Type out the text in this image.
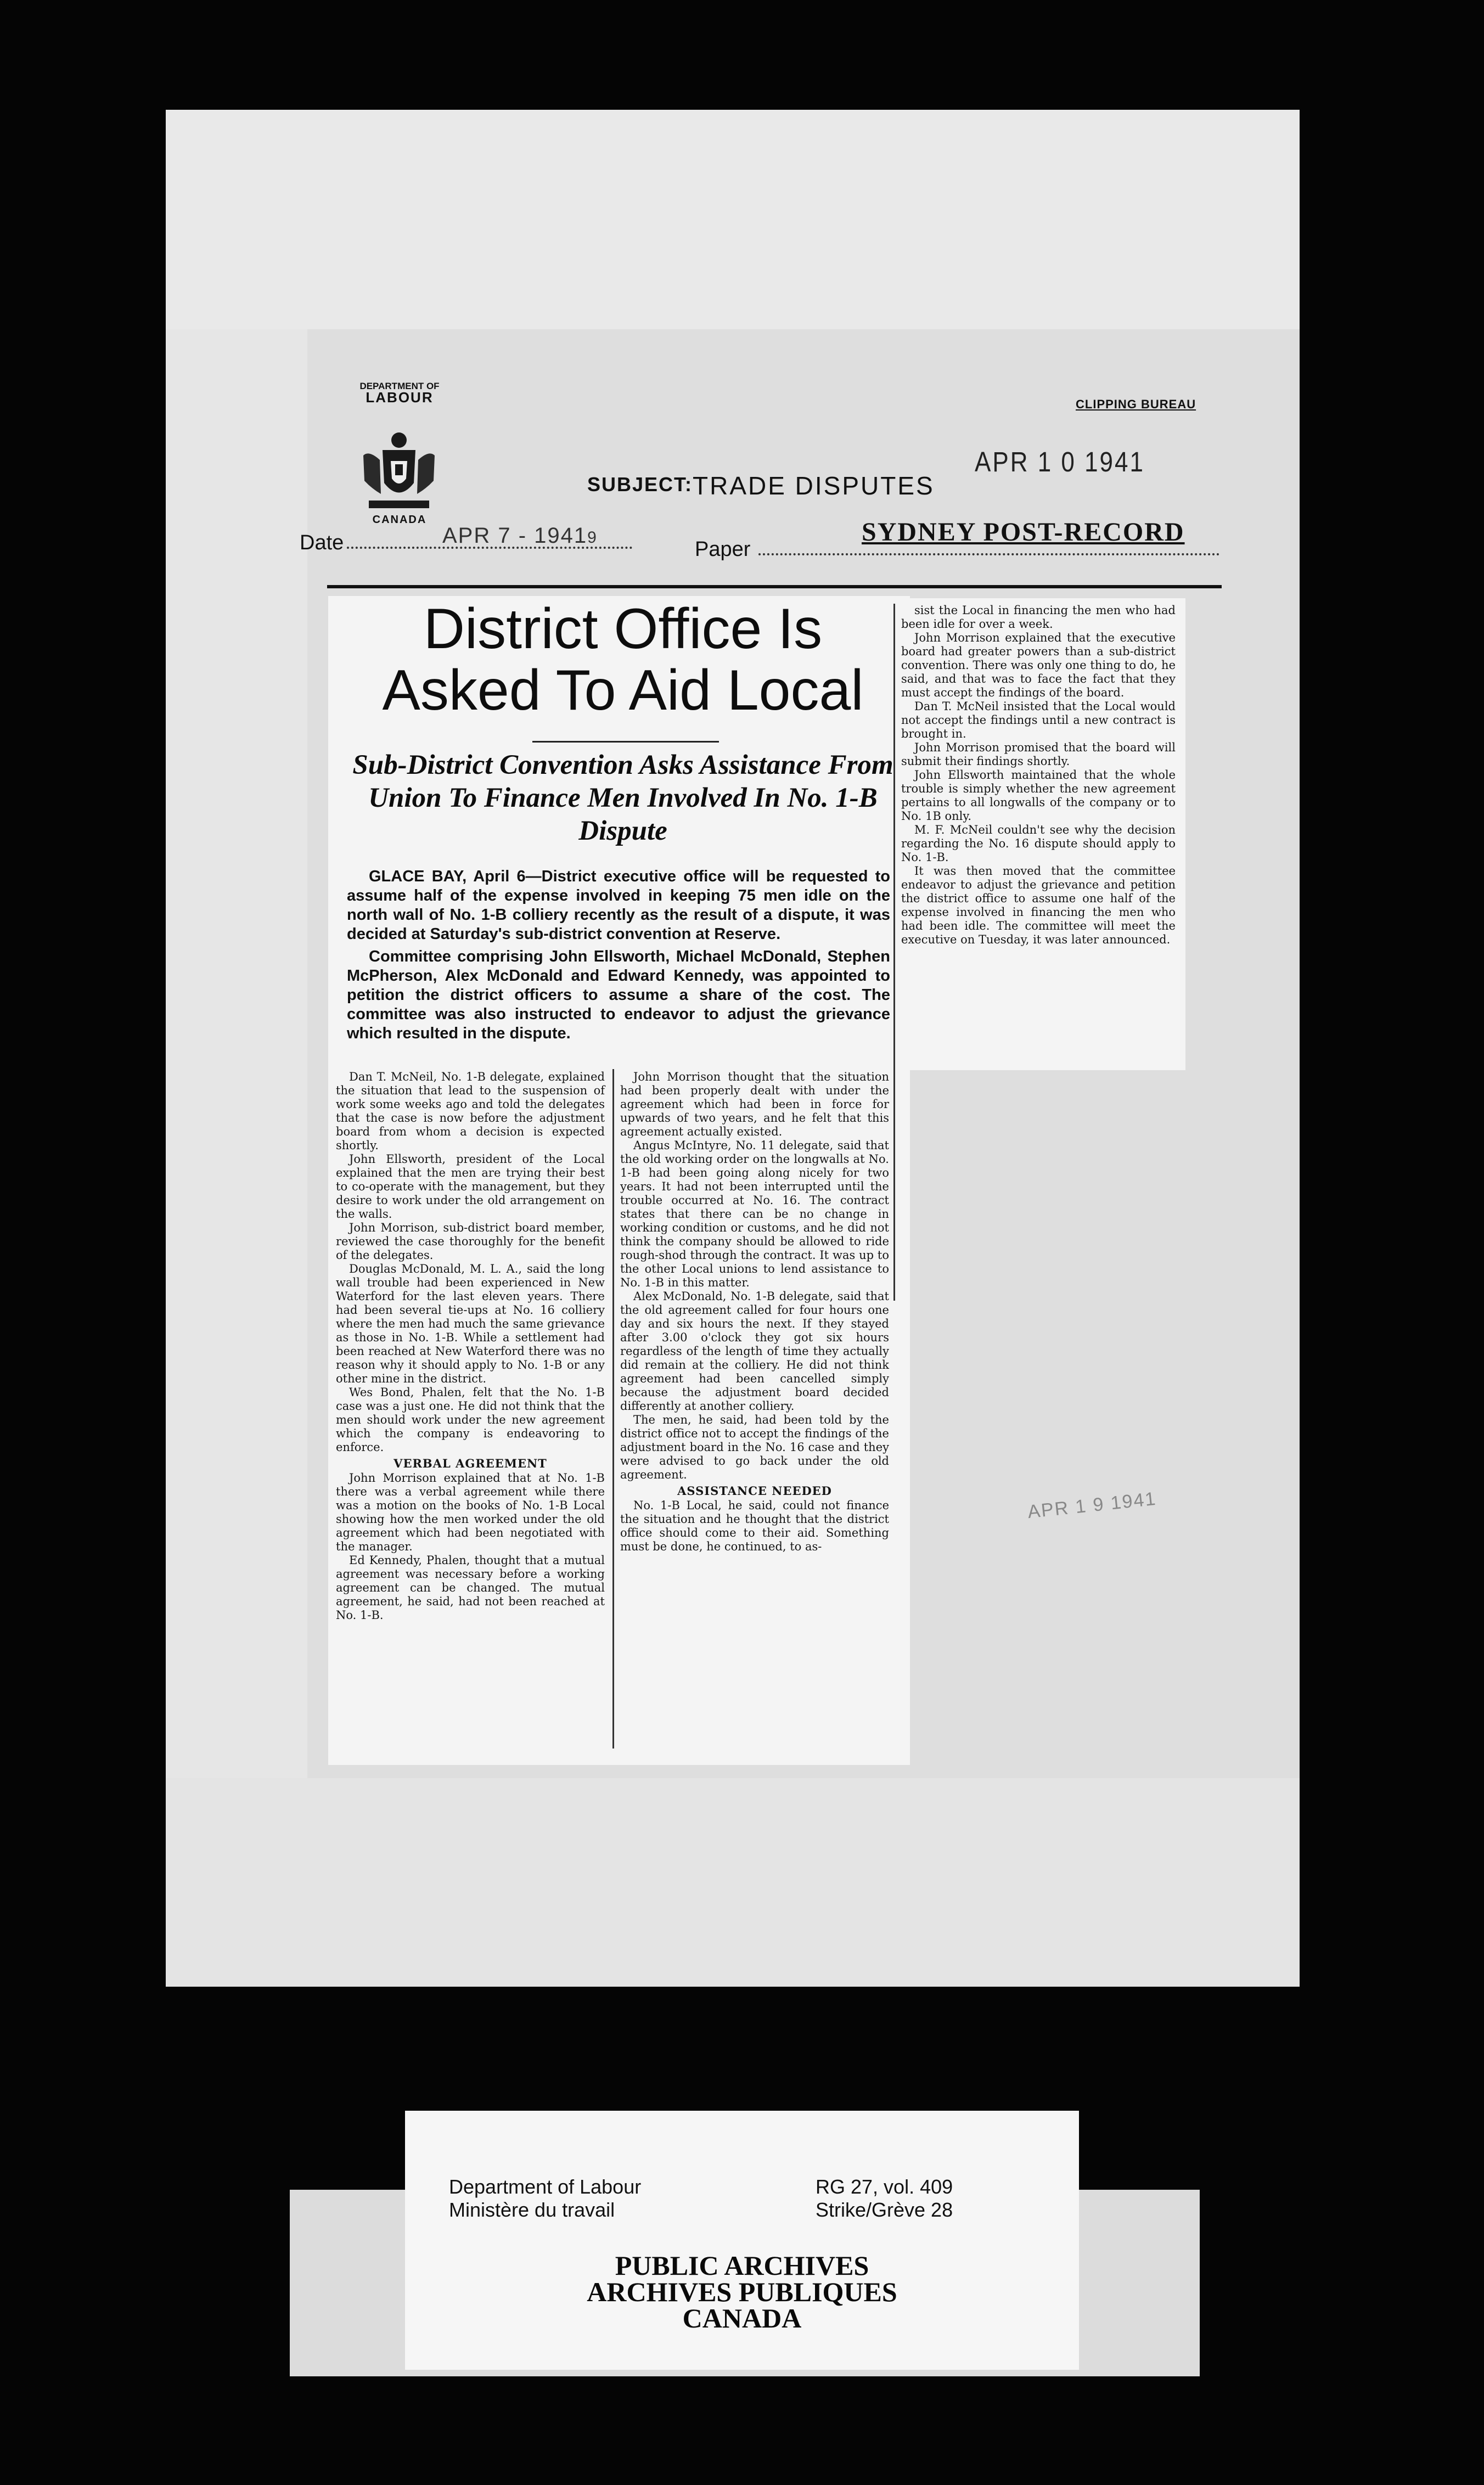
DEPARTMENT OF
LABOUR
CANADA
CLIPPING BUREAU
SUBJECT: TRADE DISPUTES
APR 1 0 1941
Date	APR 7 - 19419
Paper
SYDNEY POST-RECORD
District Office Is
Asked To Aid Local
Sub-District Convention Asks Assistance From Union To Finance Men Involved In No. 1-B Dispute

GLACE BAY, April 6—District executive office will be requested to assume half of the expense involved in keeping 75 men idle on the north wall of No. 1-B colliery recently as the result of a dispute, it was decided at Saturday's sub-district convention at Reserve.

Committee comprising John Ellsworth, Michael McDonald, Stephen McPherson, Alex McDonald and Edward Kennedy, was appointed to petition the district officers to assume a share of the cost. The committee was also instructed to endeavor to adjust the grievance which resulted in the dispute.

Dan T. McNeil, No. 1-B delegate, explained the situation that lead to the suspension of work some weeks ago and told the delegates that the case is now before the adjustment board from whom a decision is expected shortly.

John Ellsworth, president of the Local explained that the men are trying their best to co-operate with the management, but they desire to work under the old arrangement on the walls.

John Morrison, sub-district board member, reviewed the case thoroughly for the benefit of the delegates.

Douglas McDonald, M. L. A., said the long wall trouble had been experienced in New Waterford for the last eleven years. There had been several tie-ups at No. 16 colliery where the men had much the same grievance as those in No. 1-B. While a settlement had been reached at New Waterford there was no reason why it should apply to No. 1-B or any other mine in the district.

Wes Bond, Phalen, felt that the No. 1-B case was a just one. He did not think that the men should work under the new agreement which the company is endeavoring to enforce.

VERBAL AGREEMENT

John Morrison explained that at No. 1-B there was a verbal agreement while there was a motion on the books of No. 1-B Local showing how the men worked under the old agreement which had been negotiated with the manager.

Ed Kennedy, Phalen, thought that a mutual agreement was necessary before a working agreement can be changed. The mutual agreement, he said, had not been reached at No. 1-B.

John Morrison thought that the situation had been properly dealt with under the agreement which had been in force for upwards of two years, and he felt that this agreement actually existed.

Angus McIntyre, No. 11 delegate, said that the old working order on the longwalls at No. 1-B had been going along nicely for two years. It had not been interrupted until the trouble occurred at No. 16. The contract states that there can be no change in working condition or customs, and he did not think the company should be allowed to ride rough-shod through the contract. It was up to the other Local unions to lend assistance to No. 1-B in this matter.

Alex McDonald, No. 1-B delegate, said that the old agreement called for four hours one day and six hours the next. If they stayed after 3.00 o'clock they got six hours regardless of the length of time they actually did remain at the colliery. He did not think agreement had been cancelled simply because the adjustment board decided differently at another colliery.

The men, he said, had been told by the district office not to accept the findings of the adjustment board in the No. 16 case and they were advised to go back under the old agreement.

ASSISTANCE NEEDED

No. 1-B Local, he said, could not finance the situation and he thought that the district office should come to their aid. Something must be done, he continued, to as-

sist the Local in financing the men who had been idle for over a week.

John Morrison explained that the executive board had greater powers than a sub-district convention. There was only one thing to do, he said, and that was to face the fact that they must accept the findings of the board.

Dan T. McNeil insisted that the Local would not accept the findings until a new contract is brought in.

John Morrison promised that the board will submit their findings shortly.

John Ellsworth maintained that the whole trouble is simply whether the new agreement pertains to all longwalls of the company or to No. 1B only.

M. F. McNeil couldn't see why the decision regarding the No. 16 dispute should apply to No. 1-B.

It was then moved that the committee endeavor to adjust the grievance and petition the district office to assume one half of the expense involved in financing the men who had been idle. The committee will meet the executive on Tuesday, it was later announced.

APR 1 9 1941
Department of Labour
Ministère du travail
RG 27, vol. 409
Strike/Grève 28
PUBLIC ARCHIVES
ARCHIVES PUBLIQUES
CANADA
